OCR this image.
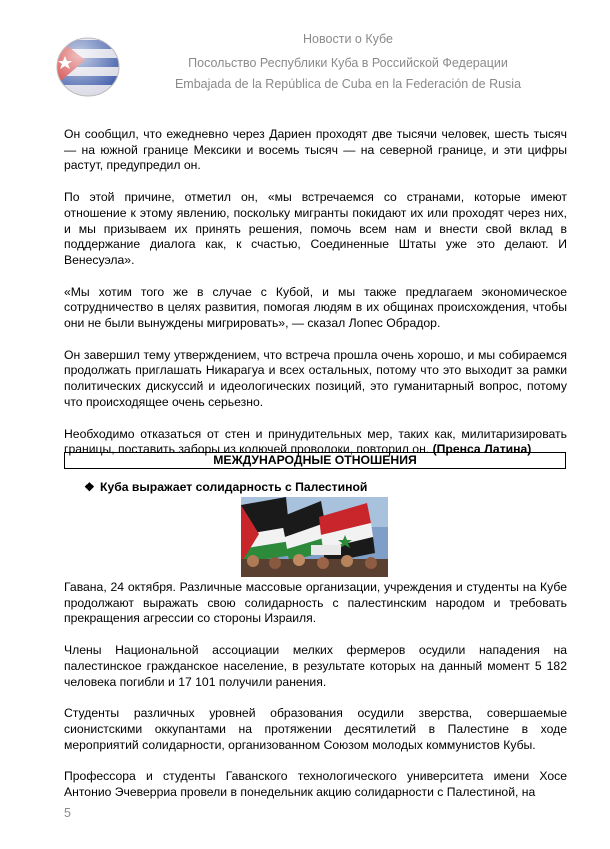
Новости о Кубе
Посольство Республики Куба в Российской Федерации
Embajada de la República de Cuba en la Federación de Rusia

Он сообщил, что ежедневно через Дариен проходят две тысячи человек, шесть тысяч — на южной границе Мексики и восемь тысяч — на северной границе, и эти цифры растут, предупредил он.

По этой причине, отметил он, «мы встречаемся со странами, которые имеют отношение к этому явлению, поскольку мигранты покидают их или проходят через них, и мы призываем их принять решения, помочь всем нам и внести свой вклад в поддержание диалога как, к счастью, Соединенные Штаты уже это делают. И Венесуэла».

«Мы хотим того же в случае с Кубой, и мы также предлагаем экономическое сотрудничество в целях развития, помогая людям в их общинах происхождения, чтобы они не были вынуждены мигрировать», — сказал Лопес Обрадор.

Он завершил тему утверждением, что встреча прошла очень хорошо, и мы собираемся продолжать приглашать Никарагуа и всех остальных, потому что это выходит за рамки политических дискуссий и идеологических позиций, это гуманитарный вопрос, потому что происходящее очень серьезно.

Необходимо отказаться от стен и принудительных мер, таких как, милитаризировать границы, поставить заборы из колючей проволоки, повторил он. (Пренса Латина)

МЕЖДУНАРОДНЫЕ ОТНОШЕНИЯ
❖ Куба выражает солидарность с Палестиной

Гавана, 24 октября. Различные массовые организации, учреждения и студенты на Кубе продолжают выражать свою солидарность с палестинским народом и требовать прекращения агрессии со стороны Израиля.

Члены Национальной ассоциации мелких фермеров осудили нападения на палестинское гражданское население, в результате которых на данный момент 5 182 человека погибли и 17 101 получили ранения.

Студенты различных уровней образования осудили зверства, совершаемые сионистскими оккупантами на протяжении десятилетий в Палестине в ходе мероприятий солидарности, организованном Союзом молодых коммунистов Кубы.

Профессора и студенты Гаванского технологического университета имени Хосе Антонио Эчеверриа провели в понедельник акцию солидарности с Палестиной, на

5
